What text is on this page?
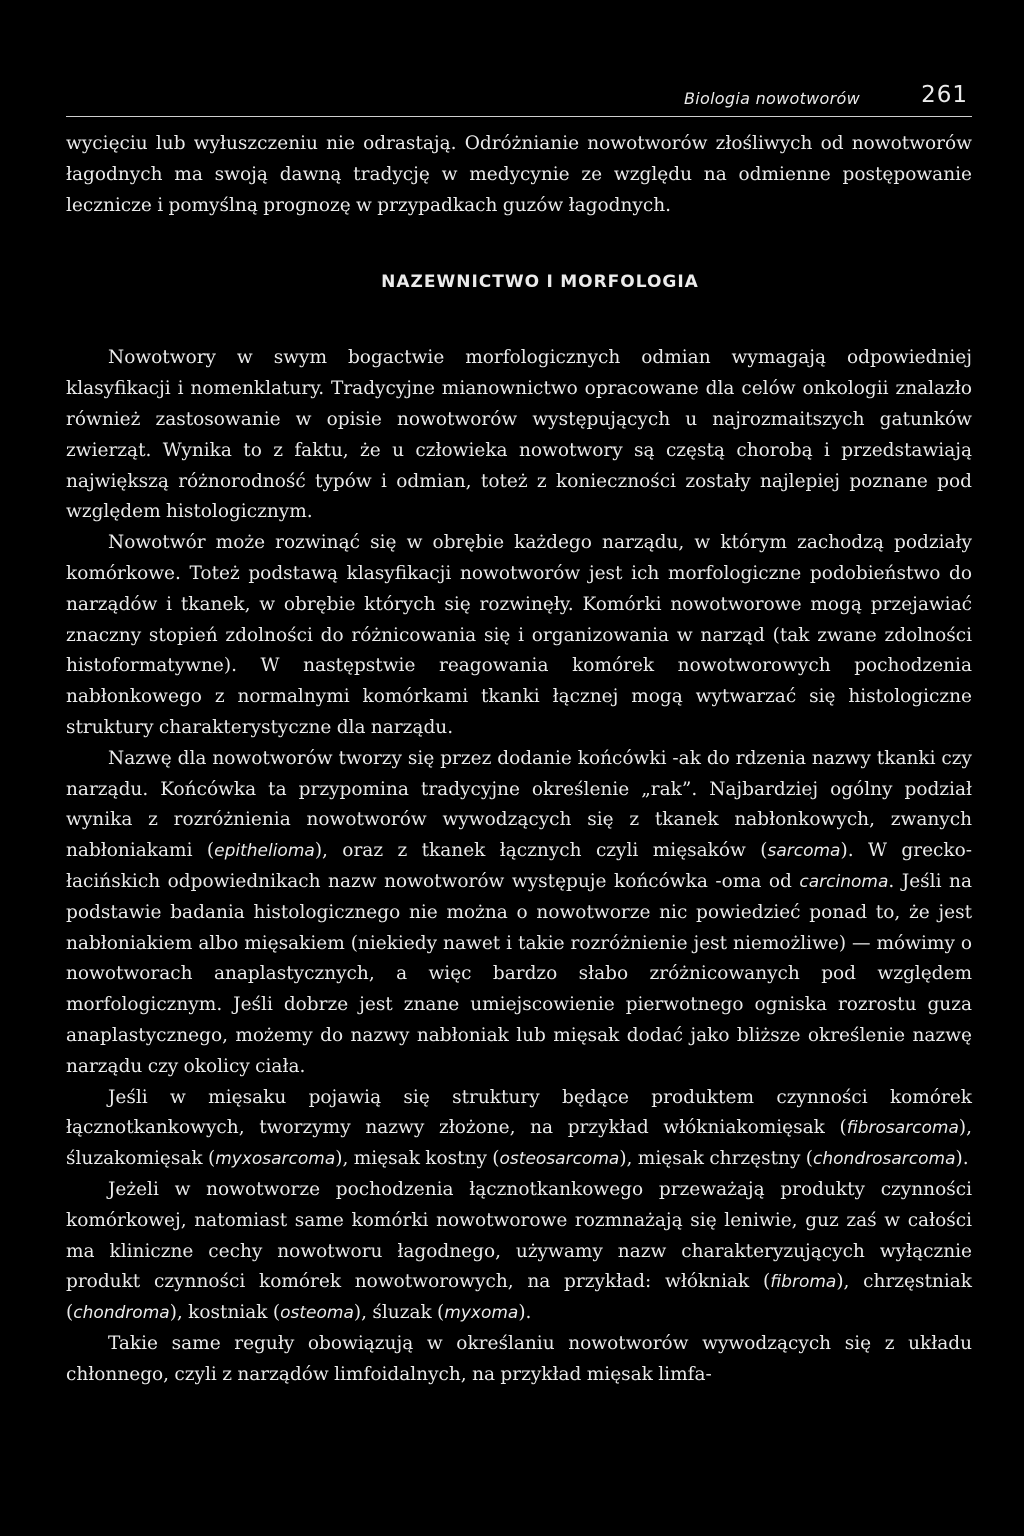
Biologia nowotworów	261

wycięciu lub wyłuszczeniu nie odrastają. Odróżnianie nowotworów złośliwych od nowotworów łagodnych ma swoją dawną tradycję w medycynie ze względu na odmienne postępowanie lecznicze i pomyślną prognozę w przypadkach guzów łagodnych.

NAZEWNICTWO I MORFOLOGIA

Nowotwory w swym bogactwie morfologicznych odmian wymagają odpowiedniej klasyfikacji i nomenklatury. Tradycyjne mianownictwo opracowane dla celów onkologii znalazło również zastosowanie w opisie nowotworów występujących u najrozmaitszych gatunków zwierząt. Wynika to z faktu, że u człowieka nowotwory są częstą chorobą i przedstawiają największą różnorodność typów i odmian, toteż z konieczności zostały najlepiej poznane pod względem histologicznym.

Nowotwór może rozwinąć się w obrębie każdego narządu, w którym zachodzą podziały komórkowe. Toteż podstawą klasyfikacji nowotworów jest ich morfologiczne podobieństwo do narządów i tkanek, w obrębie których się rozwinęły. Komórki nowotworowe mogą przejawiać znaczny stopień zdolności do różnicowania się i organizowania w narząd (tak zwane zdolności histoformatywne). W następstwie reagowania komórek nowotworowych pochodzenia nabłonkowego z normalnymi komórkami tkanki łącznej mogą wytwarzać się histologiczne struktury charakterystyczne dla narządu.

Nazwę dla nowotworów tworzy się przez dodanie końcówki -ak do rdzenia nazwy tkanki czy narządu. Końcówka ta przypomina tradycyjne określenie „rak”. Najbardziej ogólny podział wynika z rozróżnienia nowotworów wywodzących się z tkanek nabłonkowych, zwanych nabłoniakami (epithelioma), oraz z tkanek łącznych czyli mięsaków (sarcoma). W grecko-łacińskich odpowiednikach nazw nowotworów występuje końcówka -oma od carcinoma. Jeśli na podstawie badania histologicznego nie można o nowotworze nic powiedzieć ponad to, że jest nabłoniakiem albo mięsakiem (niekiedy nawet i takie rozróżnienie jest niemożliwe) — mówimy o nowotworach anaplastycznych, a więc bardzo słabo zróżnicowanych pod względem morfologicznym. Jeśli dobrze jest znane umiejscowienie pierwotnego ogniska rozrostu guza anaplastycznego, możemy do nazwy nabłoniak lub mięsak dodać jako bliższe określenie nazwę narządu czy okolicy ciała.

Jeśli w mięsaku pojawią się struktury będące produktem czynności komórek łącznotkankowych, tworzymy nazwy złożone, na przykład włókniakomięsak (fibrosarcoma), śluzakomięsak (myxosarcoma), mięsak kostny (osteosarcoma), mięsak chrzęstny (chondrosarcoma).

Jeżeli w nowotworze pochodzenia łącznotkankowego przeważają produkty czynności komórkowej, natomiast same komórki nowotworowe rozmnażają się leniwie, guz zaś w całości ma kliniczne cechy nowotworu łagodnego, używamy nazw charakteryzujących wyłącznie produkt czynności komórek nowotworowych, na przykład: włókniak (fibroma), chrzęstniak (chondroma), kostniak (osteoma), śluzak (myxoma).

Takie same reguły obowiązują w określaniu nowotworów wywodzących się z układu chłonnego, czyli z narządów limfoidalnych, na przykład mięsak limfa-
